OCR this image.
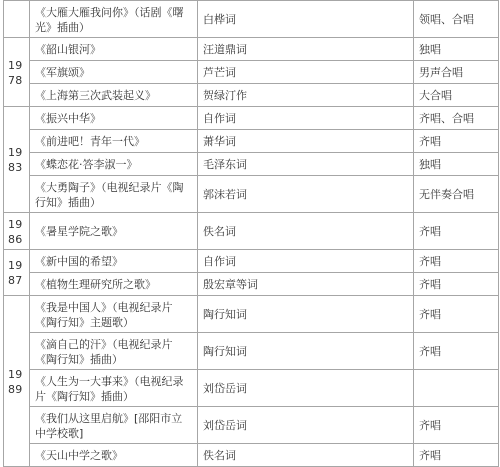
	《大雁大雁我问你》（话剧《曙光》插曲）	白桦词	领唱、合唱
1978	《韶山银河》	汪道鼎词	独唱
	《军旗颂》	芦芒词	男声合唱
	《上海第三次武装起义》	贺绿汀作	大合唱
1983	《振兴中华》	自作词	齐唱、合唱
	《前进吧！青年一代》	萧华词	齐唱
	《蝶恋花·答李淑一》	毛泽东词	独唱
	《大勇陶子》（电视纪录片《陶行知》插曲）	郭沫若词	无伴奏合唱
1986	《暑星学院之歌》	佚名词	齐唱
1987	《新中国的希望》	自作词	齐唱
	《植物生理研究所之歌》	殷宏章等词	齐唱
1989	《我是中国人》（电视纪录片《陶行知》主题歌）	陶行知词	齐唱
	《滴自己的汗》（电视纪录片《陶行知》插曲）	陶行知词	齐唱
	《人生为一大事来》（电视纪录片《陶行知》插曲）	刘岱岳词	
	《我们从这里启航》[邵阳市立中学校歌]	刘岱岳词	齐唱
	《天山中学之歌》	佚名词	齐唱
